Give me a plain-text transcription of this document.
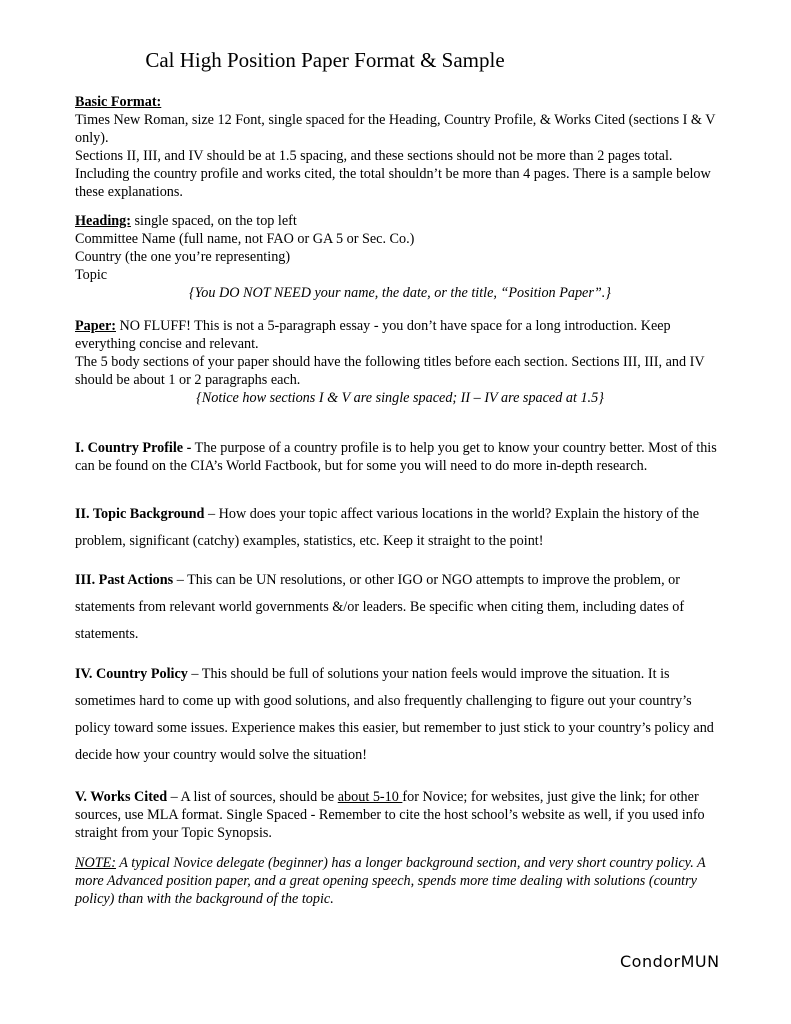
Cal High Position Paper Format & Sample

Basic Format:

Times New Roman, size 12 Font, single spaced for the Heading, Country Profile, & Works Cited (sections I & V only).

Sections II, III, and IV should be at 1.5 spacing, and these sections should not be more than 2 pages total. Including the country profile and works cited, the total shouldn’t be more than 4 pages. There is a sample below these explanations.

Heading: single spaced, on the top left

Committee Name (full name, not FAO or GA 5 or Sec. Co.)

Country (the one you’re representing)

Topic

{You DO NOT NEED your name, the date, or the title, “Position Paper”.}

Paper: NO FLUFF! This is not a 5-paragraph essay - you don’t have space for a long introduction. Keep everything concise and relevant.

The 5 body sections of your paper should have the following titles before each section. Sections III, III, and IV should be about 1 or 2 paragraphs each.

{Notice how sections I & V are single spaced; II – IV are spaced at 1.5}

I. Country Profile - The purpose of a country profile is to help you get to know your country better. Most of this can be found on the CIA’s World Factbook, but for some you will need to do more in-depth research.

II. Topic Background – How does your topic affect various locations in the world? Explain the history of the problem, significant (catchy) examples, statistics, etc. Keep it straight to the point!

III. Past Actions – This can be UN resolutions, or other IGO or NGO attempts to improve the problem, or statements from relevant world governments &/or leaders. Be specific when citing them, including dates of statements.

IV. Country Policy – This should be full of solutions your nation feels would improve the situation. It is sometimes hard to come up with good solutions, and also frequently challenging to figure out your country’s policy toward some issues. Experience makes this easier, but remember to just stick to your country’s policy and decide how your country would solve the situation!

V. Works Cited – A list of sources, should be about 5-10 for Novice; for websites, just give the link; for other sources, use MLA format. Single Spaced - Remember to cite the host school’s website as well, if you used info straight from your Topic Synopsis.

NOTE: A typical Novice delegate (beginner) has a longer background section, and very short country policy. A more Advanced position paper, and a great opening speech, spends more time dealing with solutions (country policy) than with the background of the topic.

CondorMUN
